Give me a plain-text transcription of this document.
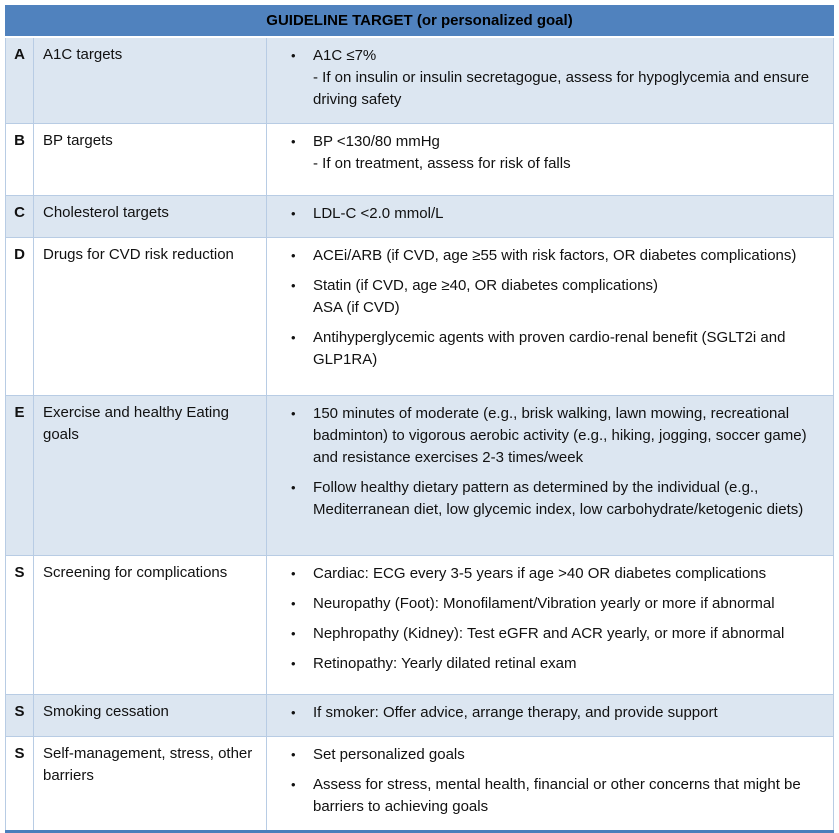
GUIDELINE TARGET (or personalized goal)		
A	A1C targets	• A1C ≤7%
- If on insulin or insulin secretagogue, assess for hypoglycemia and ensure driving safety

B	BP targets	• BP <130/80 mmHg
- If on treatment, assess for risk of falls

C	Cholesterol targets	• LDL-C <2.0 mmol/L

D	Drugs for CVD risk reduction	•	ACEi/ARB (if CVD, age ≥55 with risk factors, OR diabetes complications)
•	Statin (if CVD, age ≥40, OR diabetes complications)
ASA (if CVD)
•	Antihyperglycemic agents with proven cardio-renal benefit (SGLT2i and GLP1RA)

E	Exercise and healthy Eating goals	• 150 minutes of moderate (e.g., brisk walking, lawn mowing, recreational badminton) to vigorous aerobic activity (e.g., hiking, jogging, soccer game) and resistance exercises 2-3 times/week
• Follow healthy dietary pattern as determined by the individual (e.g., Mediterranean diet, low glycemic index, low carbohydrate/ketogenic diets)

S	Screening for complications	•	Cardiac: ECG every 3-5 years if age >40 OR diabetes complications
•	Neuropathy (Foot): Monofilament/Vibration yearly or more if abnormal
•	Nephropathy (Kidney): Test eGFR and ACR yearly, or more if abnormal
•	Retinopathy: Yearly dilated retinal exam

S	Smoking cessation	• If smoker: Offer advice, arrange therapy, and provide support

S	Self-management, stress, other barriers	• Set personalized goals
• Assess for stress, mental health, financial or other concerns that might be barriers to achieving goals
